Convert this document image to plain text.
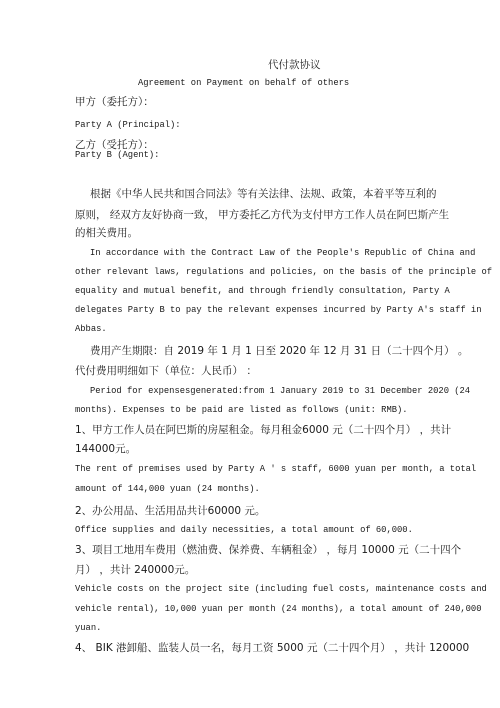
代付款协议
Agreement on Payment on behalf of others
甲方（委托方）：
Party A (Principal):
乙方（受托方）：
Party B (Agent):
根据《中华人民共和国合同法》等有关法律、法规、政策，本着平等互利的
原则， 经双方友好协商一致， 甲方委托乙方代为支付甲方工作人员在阿巴斯产生
的相关费用。
In accordance with the Contract Law of the People's Republic of China and
other relevant laws, regulations and policies, on the basis of the principle of
equality and mutual benefit, and through friendly consultation, Party A
delegates Party B to pay the relevant expenses incurred by Party A's staff in
Abbas.
费用产生期限：自 2019 年 1 月 1 日至 2020 年 12 月 31 日（二十四个月） 。
代付费用明细如下（单位：人民币） ：
Period for expensesgenerated:from 1 January 2019 to 31 December 2020 (24
months). Expenses to be paid are listed as follows (unit: RMB).
1、甲方工作人员在阿巴斯的房屋租金。每月租金6000 元（二十四个月） ，共计
144000元。
The rent of premises used by Party A ' s staff, 6000 yuan per month, a total
amount of 144,000 yuan (24 months).
2、办公用品、生活用品共计60000 元。
Office supplies and daily necessities, a total amount of 60,000.
3、项目工地用车费用（燃油费、保养费、车辆租金） ，每月 10000 元（二十四个
月） ，共计 240000元。
Vehicle costs on the project site (including fuel costs, maintenance costs and
vehicle rental), 10,000 yuan per month (24 months), a total amount of 240,000
yuan.
4、 BIK 港卸船、监装人员一名，每月工资 5000 元（二十四个月） ，共计 120000
